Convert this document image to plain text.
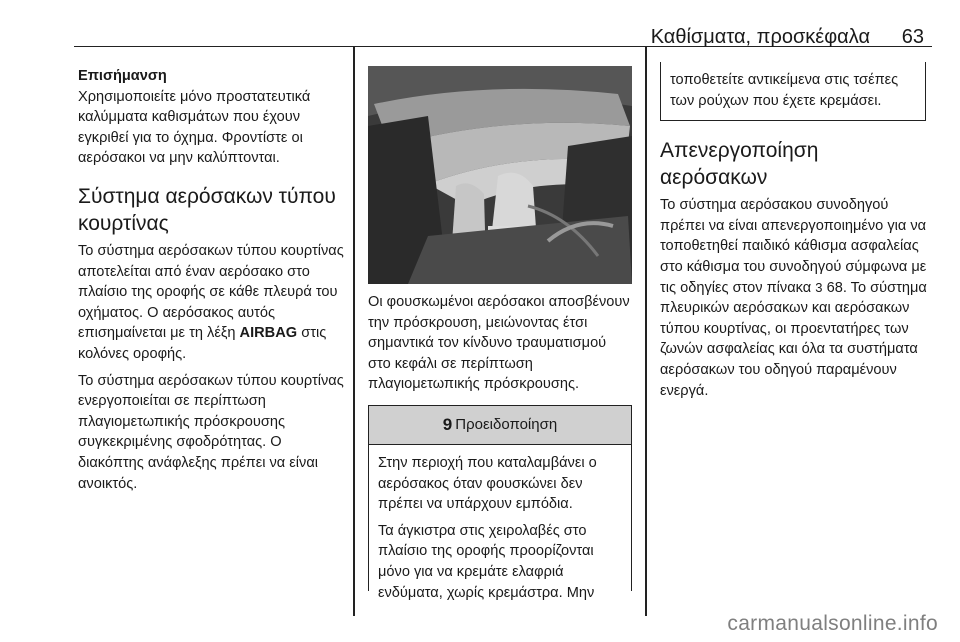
Καθίσματα, προσκέφαλα 63

Επισήμανση

Χρησιμοποιείτε μόνο προστατευτικά καλύμματα καθισμάτων που έχουν εγκριθεί για το όχημα. Φροντίστε οι αερόσακοι να μην καλύπτονται.

Σύστημα αερόσακων τύπου κουρτίνας

Το σύστημα αερόσακων τύπου κουρτίνας αποτελείται από έναν αερόσακο στο πλαίσιο της οροφής σε κάθε πλευρά του οχήματος. Ο αερόσακος αυτός επισημαίνεται με τη λέξη AIRBAG στις κολόνες οροφής.

Το σύστημα αερόσακων τύπου κουρτίνας ενεργοποιείται σε περίπτωση πλαγιομετωπικής πρόσκρουσης συγκεκριμένης σφοδρότητας. Ο διακόπτης ανάφλεξης πρέπει να είναι ανοικτός.

Οι φουσκωμένοι αερόσακοι αποσβένουν την πρόσκρουση, μειώνοντας έτσι σημαντικά τον κίνδυνο τραυματισμού στο κεφάλι σε περίπτωση πλαγιομετωπικής πρόσκρουσης.

9 Προειδοποίηση

Στην περιοχή που καταλαμβάνει ο αερόσακος όταν φουσκώνει δεν πρέπει να υπάρχουν εμπόδια.

Τα άγκιστρα στις χειρολαβές στο πλαίσιο της οροφής προορίζονται μόνο για να κρεμάτε ελαφριά ενδύματα, χωρίς κρεμάστρα. Μην

τοποθετείτε αντικείμενα στις τσέπες των ρούχων που έχετε κρεμάσει.

Απενεργοποίηση αερόσακων

Το σύστημα αερόσακου συνοδηγού πρέπει να είναι απενεργοποιημένο για να τοποθετηθεί παιδικό κάθισμα ασφαλείας στο κάθισμα του συνοδηγού σύμφωνα με τις οδηγίες στον πίνακα 3 68. Το σύστημα πλευρικών αερόσακων και αερόσακων τύπου κουρτίνας, οι προεντατήρες των ζωνών ασφαλείας και όλα τα συστήματα αερόσακων του οδηγού παραμένουν ενεργά.

carmanualsonline.info
